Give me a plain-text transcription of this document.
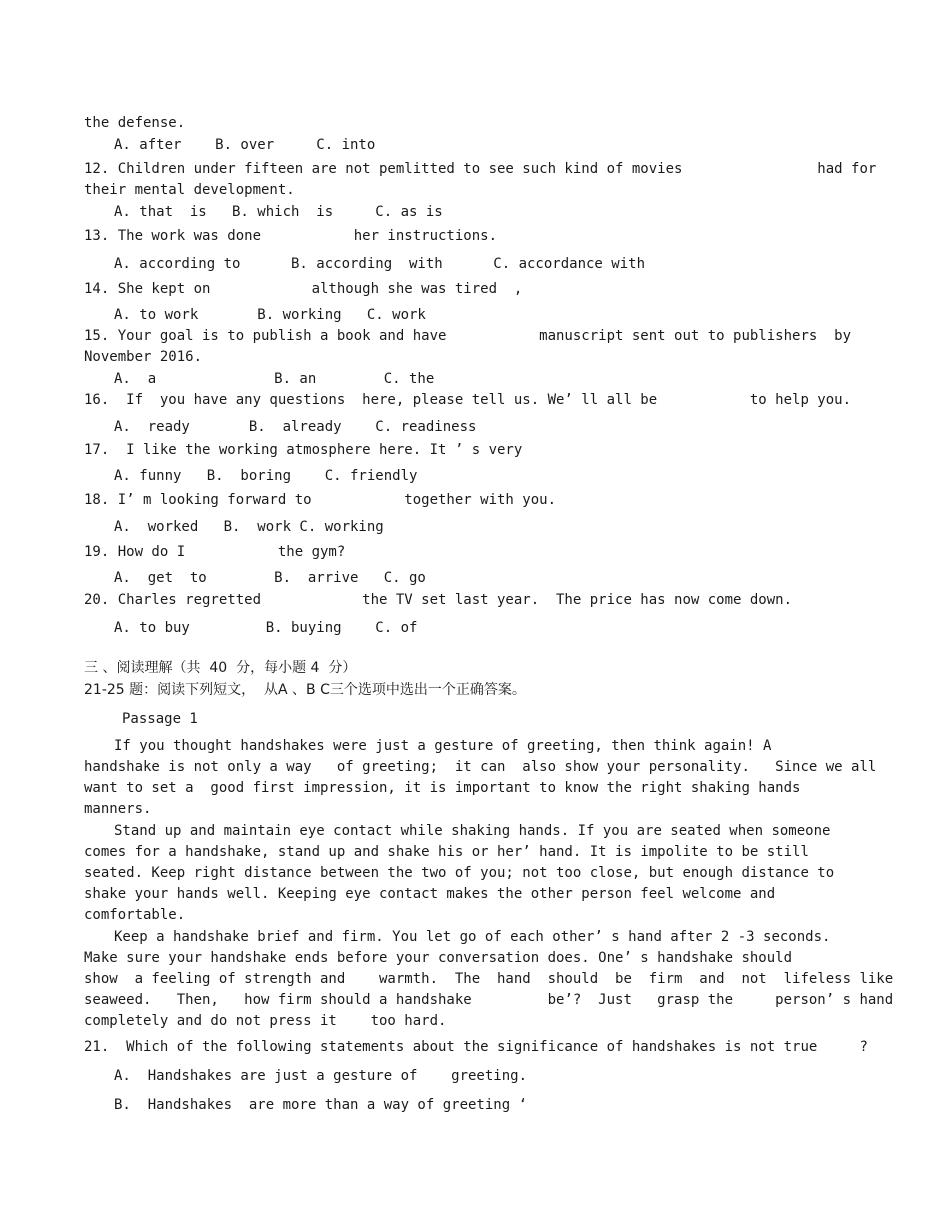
the defense.
A. after    B. over     C. into
12. Children under fifteen are not pemlitted to see such kind of movies                had for
their mental development.
A. that  is   B. which  is     C. as is
13. The work was done           her instructions.
A. according to      B. according  with      C. accordance with
14. She kept on            although she was tired  ,
A. to work       B. working   C. work
15. Your goal is to publish a book and have           manuscript sent out to publishers  by
November 2016.
A.  a              B. an        C. the
16.  If  you have any questions  here, please tell us. We’ ll all be           to help you.
A.  ready       B.  already    C. readiness
17.  I like the working atmosphere here. It ’ s very
A. funny   B.  boring    C. friendly
18. I’ m looking forward to           together with you.
A.  worked   B.  work C. working
19. How do I           the gym?
A.  get  to        B.  arrive   C. go
20. Charles regretted            the TV set last year.  The price has now come down.
A. to buy         B. buying    C. of
三 、阅读理解（共  40  分，每小题 4  分）
21-25 题：阅读下列短文，  从A 、B C三个选项中选出一个正确答案。
Passage 1
If you thought handshakes were just a gesture of greeting, then think again! A
handshake is not only a way   of greeting;  it can  also show your personality.   Since we all
want to set a  good first impression, it is important to know the right shaking hands
manners.
Stand up and maintain eye contact while shaking hands. If you are seated when someone
comes for a handshake, stand up and shake his or her’ hand. It is impolite to be still
seated. Keep right distance between the two of you; not too close, but enough distance to
shake your hands well. Keeping eye contact makes the other person feel welcome and
comfortable.
Keep a handshake brief and firm. You let go of each other’ s hand after 2 -3 seconds.
Make sure your handshake ends before your conversation does. One’ s handshake should
show  a feeling of strength and    warmth.  The  hand  should  be  firm  and  not  lifeless like
seaweed.   Then,   how firm should a handshake         be’?  Just   grasp the     person’ s hand
completely and do not press it    too hard.
21.  Which of the following statements about the significance of handshakes is not true     ?
A.  Handshakes are just a gesture of    greeting.
B.  Handshakes  are more than a way of greeting ‘
